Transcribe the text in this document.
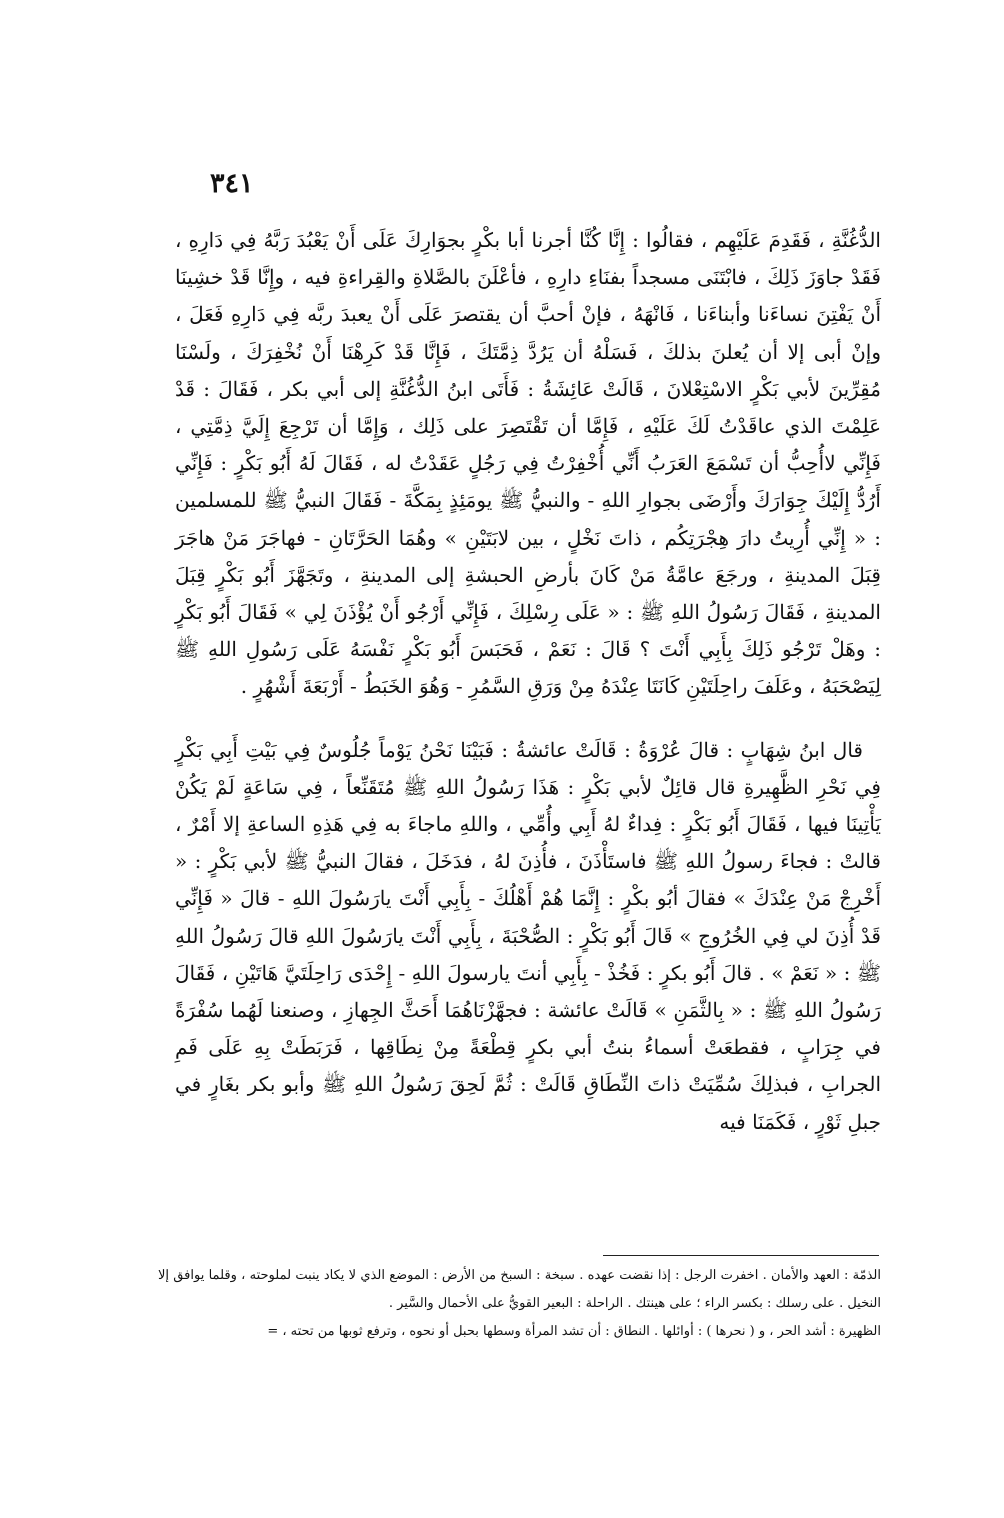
٣٤١

الدُّغُنَّةِ ، فَقَدِمَ عَلَيْهِم ، فقالُوا : إِنَّا كُنَّا أجرنا أبا بكْرٍ بجوَارِكَ عَلَى أَنْ يَعْبُدَ رَبَّهُ فِي دَارِهِ ، فَقَدْ جاوَزَ ذَلِكَ ، فابْتَنَى مسجداً بفنَاءِ دارِهِ ، فأعْلَنَ بالصَّلاةِ والقِراءةِ فيه ، وإِنَّا قَدْ خشِينَا أَنْ يَفْتِنَ نساءَنا وأبناءَنا ، فَانْهَهُ ، فإنْ أحبَّ أن يقتصرَ عَلَى أَنْ يعبدَ ربَّه فِي دَارِهِ فَعَلَ ، وإنْ أبى إلا أن يُعلنَ بذلكَ ، فَسَلْهُ أن يَرُدَّ ذِمَّتَكَ ، فَإِنَّا قَدْ كَرِهْنَا أَنْ نُخْفِرَكَ ، ولَسْنَا مُقِرِّينَ لأبي بَكْرٍ الاسْتِعْلانَ ، قَالَتْ عَائِشَةُ : فَأَتَى ابنُ الدُّغُنَّةِ إلى أبي بكر ، فَقَالَ : قَدْ عَلِمْتَ الذي عاقَدْتُ لَكَ عَلَيْهِ ، فَإِمَّا أن تَقْتَصِرَ على ذَلِك ، وَإِمَّا أن تَرْجِعَ إِلَيَّ ذِمَّتِي ، فَإِنِّي لاأُحِبُّ أن تَسْمَعَ العَرَبُ أَنِّي أُخْفِرْتُ فِي رَجُلٍ عَقَدْتُ له ، فَقَالَ لَهُ أَبُو بَكْرٍ : فَإِنِّي أَرُدُّ إِلَيْكَ جِوَارَكَ وأَرْضَى بجوارِ اللهِ - والنبيُّ ﷺ يومَئِذٍ بِمَكَّةَ - فَقَالَ النبيُّ ﷺ للمسلمين : « إِنِّي أُرِيتُ دارَ هِجْرَتِكُم ، ذاتَ نَخْلٍ ، بين لابَتَيْنِ » وهُمَا الحَرَّتَانِ - فهاجَرَ مَنْ هاجَرَ قِبَلَ المدينةِ ، ورجَعَ عامَّةُ مَنْ كَانَ بأرضِ الحبشةِ إلى المدينةِ ، وتَجَهَّزَ أَبُو بَكْرٍ قِبَلَ المدينةِ ، فَقَالَ رَسُولُ اللهِ ﷺ : « عَلَى رِسْلِكَ ، فَإِنِّي أَرْجُو أَنْ يُؤْذَنَ لِي » فَقَالَ أَبُو بَكْرٍ : وهَلْ تَرْجُو ذَلِكَ بِأَبِي أَنْتَ ؟ قَالَ : نَعَمْ ، فَحَبَسَ أَبُو بَكْرٍ نَفْسَهُ عَلَى رَسُولِ اللهِ ﷺ لِيَصْحَبَهُ ، وعَلَفَ راحِلَتَيْنِ كَانَتَا عِنْدَهُ مِنْ وَرَقِ السَّمُرِ - وَهُوَ الخَبَطُ - أَرْبَعَةَ أَشْهُرٍ .

قال ابنُ شِهَابٍ : قالَ عُرْوَةُ : قَالَتْ عائشةُ : فَبَيْنَا نَحْنُ يَوْماً جُلُوسٌ فِي بَيْتِ أَبِي بَكْرٍ فِي نَحْرِ الظَّهِيرةِ قال قائِلٌ لأبي بَكْرٍ : هَذَا رَسُولُ اللهِ ﷺ مُتَقَنِّعاً ، فِي سَاعَةٍ لَمْ يَكُنْ يَأْتِينَا فيها ، فَقَالَ أَبُو بَكْرٍ : فِداءٌ لهُ أَبِي وأُمِّي ، واللهِ ماجاءَ به فِي هَذِهِ الساعةِ إلا أَمْرٌ ، قالتْ : فجاءَ رسولُ اللهِ ﷺ فاستَأْذَنَ ، فأُذِنَ لهُ ، فدَخَلَ ، فقالَ النبيُّ ﷺ لأبي بَكْرٍ : « أَخْرِجْ مَنْ عِنْدَكَ » فقالَ أبُو بكْرٍ : إِنَّمَا هُمْ أَهْلُكَ - بِأَبِي أَنْتَ يارَسُولَ اللهِ - قالَ « فَإِنِّي قَدْ أُذِنَ لي فِي الخُرُوجِ » قَالَ أَبُو بَكْرٍ : الصُّحْبَةَ ، بِأَبِي أَنْتَ يارَسُولَ اللهِ قالَ رَسُولُ اللهِ ﷺ : « نَعَمْ » . قالَ أَبُو بكرٍ : فَخُذْ - بِأَبِي أنتَ يارسولَ اللهِ - إِحْدَى رَاحِلَتَيَّ هَاتَيْنِ ، فَقَالَ رَسُولُ اللهِ ﷺ : « بِالثَّمَنِ » قَالَتْ عائشة : فجهَّزْنَاهُمَا أَحَثَّ الجِهازِ ، وصنعنا لَهُما سُفْرَةً في جِرَابٍ ، فقطعَتْ أسماءُ بنتُ أبي بكرٍ قِطْعَةً مِنْ نِطَاقِها ، فَرَبَطَتْ بِهِ عَلَى فَمِ الجرابِ ، فبذلِكَ سُمِّيَتْ ذاتَ النِّطَاقِ قَالَتْ : ثُمَّ لَحِقَ رَسُولُ اللهِ ﷺ وأبو بكر بغَارٍ في جبلِ ثَوْرٍ ، فَكَمَنَا فيه

الذمّة : العهد والأمان . اخفرت الرجل : إذا نقضت عهده . سبخة : السبخ من الأرض : الموضع الذي لا يكاد ينبت لملوحته ، وقلما يوافق إلا النخيل . على رسلك : بكسر الراء ؛ على هينتك . الراحلة : البعير القويُّ على الأحمال والسَّير .

الظهيرة : أشد الحر ، و ( نحرها ) : أوائلها . النطاق : أن تشد المرأة وسطها بحبل أو نحوه ، وترفع ثوبها من تحته ، =
